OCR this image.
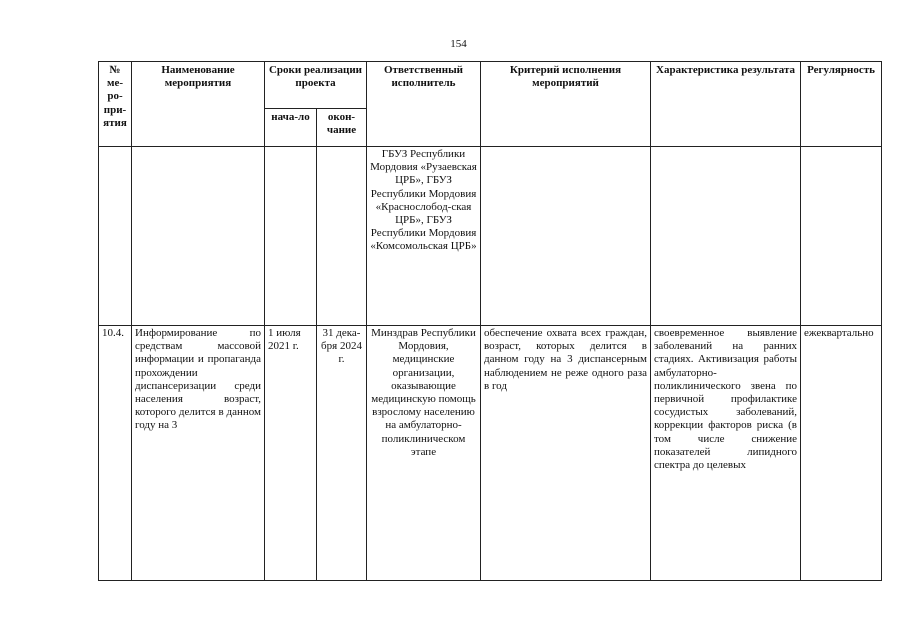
154
№ ме-ро-при-ятия	Наименование мероприятия	Сроки реализации проекта		Ответственный исполнитель	Критерий исполнения мероприятий	Характеристика результата	Регулярность
		нача-ло	окон-чание				
				ГБУЗ Республики Мордовия «Рузаевская ЦРБ», ГБУЗ Республики Мордовия «Краснослобод-ская ЦРБ», ГБУЗ Республики Мордовия «Комсомольская ЦРБ»			
10.4.	Информирование по средствам массовой информации и пропаганда прохождении диспансеризации среди населения возраст, которого делится в данном году на 3	1 июля 2021 г.	31 дека-бря 2024 г.	Минздрав Республики Мордовия, медицинские организации, оказывающие медицинскую помощь взрослому населению на амбулаторно-поликлиническом этапе	обеспечение охвата всех граждан, возраст, которых делится в данном году на 3 диспансерным наблюдением не реже одного раза в год	своевременное выявление заболеваний на ранних стадиях. Активизация работы амбулаторно-поликлинического звена по первичной профилактике сосудистых заболеваний, коррекции факторов риска (в том числе снижение показателей липидного спектра до целевых	ежеквартально
